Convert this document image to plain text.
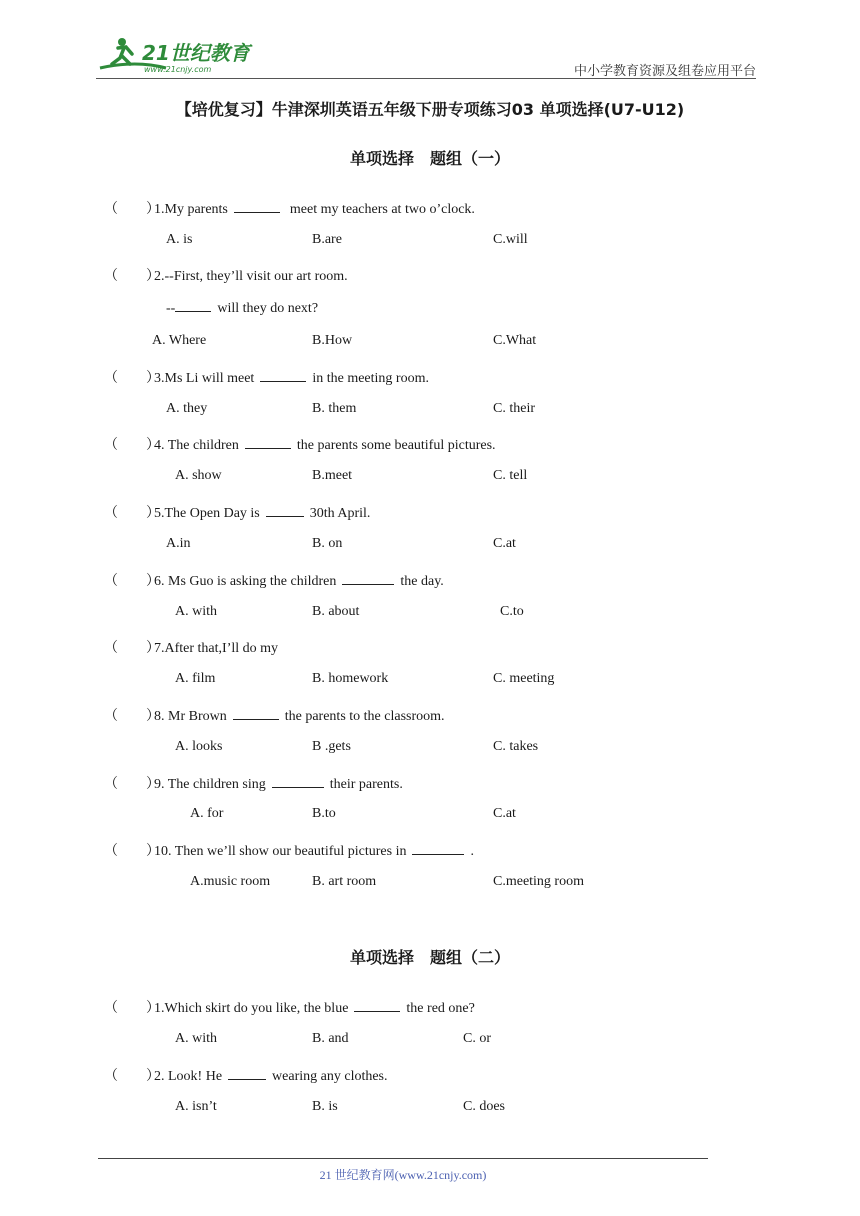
21世纪教育
www.21cnjy.com	中小学教育资源及组卷应用平台
【培优复习】牛津深圳英语五年级下册专项练习03 单项选择(U7-U12)
单项选择　题组（一）
（　　）1.My parents	meet my teachers at two o’clock.
A. is	B.are	C.will
（　　）2.--First, they’ll visit our art room.
--	will they do next?
A. Where	B.How	C.What
（　　）3.Ms Li will meet	in the meeting room.
A. they	B. them	C. their
（　　）4. The children	the parents some beautiful pictures.
A. show	B.meet	C. tell
（　　）5.The Open Day is	30th April.
A.in	B. on	C.at
（　　）6. Ms Guo is asking the children	the day.
A. with	B. about	C.to
（　　）7.After that,I’ll do my
A. film	B. homework	C. meeting
（　　）8. Mr Brown	the parents to the classroom.
A. looks	B .gets	C. takes
（　　）9. The children sing	their parents.
A. for	B.to	C.at
（　　）10. Then we’ll show our beautiful pictures in	.
A.music room	B. art room	C.meeting room
单项选择　题组（二）
（　　）1.Which skirt do you like, the blue	the red one?
A. with	B. and	C. or
（　　）2. Look! He	wearing any clothes.
A. isn’t	B. is	C. does
21 世纪教育网(www.21cnjy.com)
